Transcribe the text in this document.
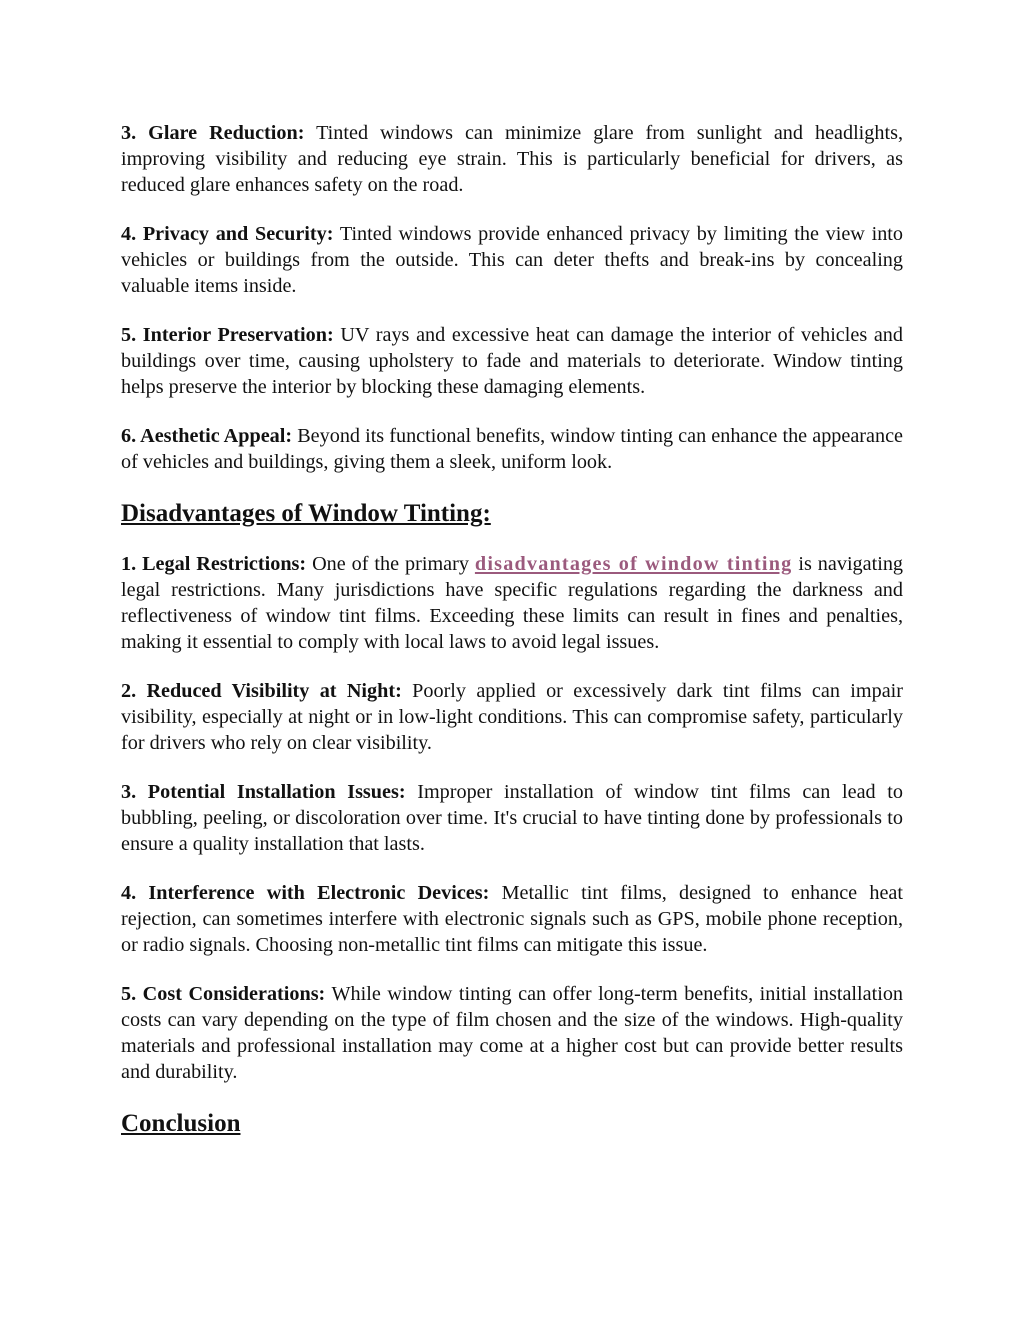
3. Glare Reduction: Tinted windows can minimize glare from sunlight and headlights, improving visibility and reducing eye strain. This is particularly beneficial for drivers, as reduced glare enhances safety on the road.

4. Privacy and Security: Tinted windows provide enhanced privacy by limiting the view into vehicles or buildings from the outside. This can deter thefts and break-ins by concealing valuable items inside.

5. Interior Preservation: UV rays and excessive heat can damage the interior of vehicles and buildings over time, causing upholstery to fade and materials to deteriorate. Window tinting helps preserve the interior by blocking these damaging elements.

6. Aesthetic Appeal: Beyond its functional benefits, window tinting can enhance the appearance of vehicles and buildings, giving them a sleek, uniform look.

Disadvantages of Window Tinting:

1. Legal Restrictions: One of the primary disadvantages of window tinting is navigating legal restrictions. Many jurisdictions have specific regulations regarding the darkness and reflectiveness of window tint films. Exceeding these limits can result in fines and penalties, making it essential to comply with local laws to avoid legal issues.

2. Reduced Visibility at Night: Poorly applied or excessively dark tint films can impair visibility, especially at night or in low-light conditions. This can compromise safety, particularly for drivers who rely on clear visibility.

3. Potential Installation Issues: Improper installation of window tint films can lead to bubbling, peeling, or discoloration over time. It's crucial to have tinting done by professionals to ensure a quality installation that lasts.

4. Interference with Electronic Devices: Metallic tint films, designed to enhance heat rejection, can sometimes interfere with electronic signals such as GPS, mobile phone reception, or radio signals. Choosing non-metallic tint films can mitigate this issue.

5. Cost Considerations: While window tinting can offer long-term benefits, initial installation costs can vary depending on the type of film chosen and the size of the windows. High-quality materials and professional installation may come at a higher cost but can provide better results and durability.

Conclusion
